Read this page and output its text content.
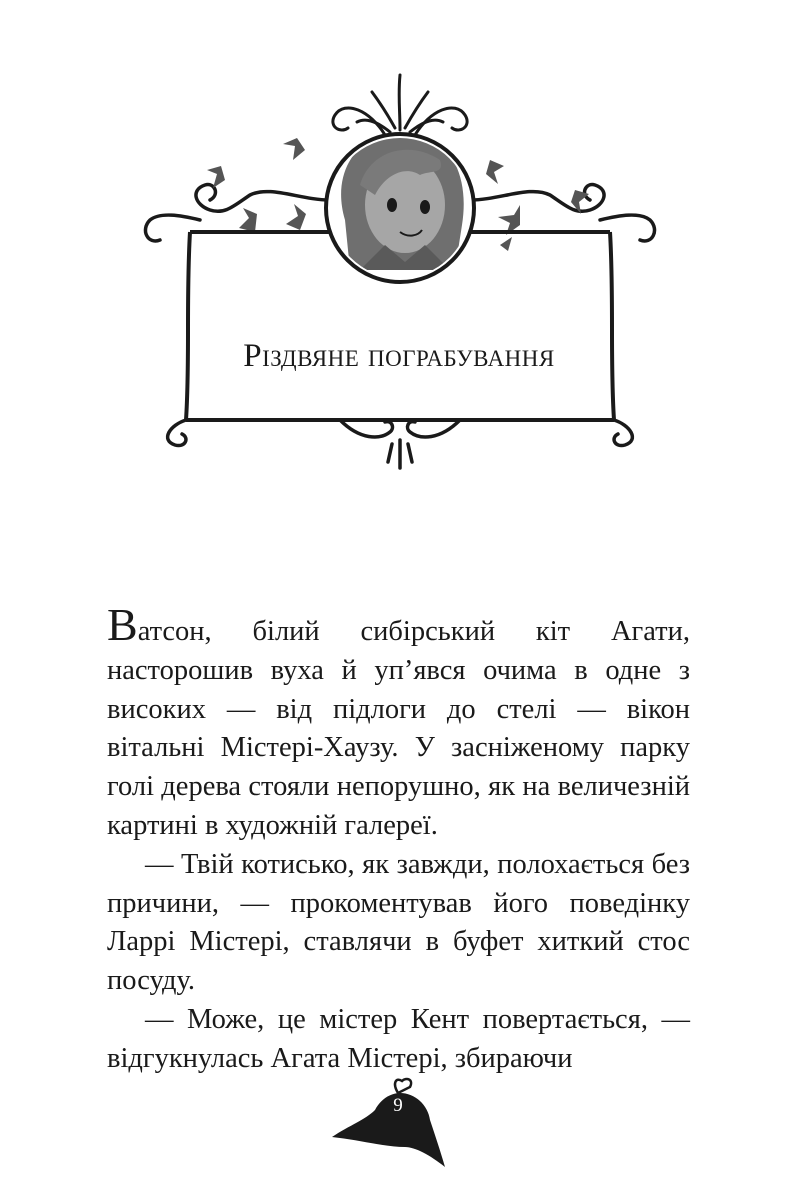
Різдвяне пограбування

Ватсон, білий сибірський кіт Агати, насторошив вуха й уп’явся очима в одне з високих — від підлоги до стелі — вікон вітальні Містері-Хаузу. У засніженому парку голі дерева стояли непорушно, як на величезній картині в художній галереї.

— Твій котисько, як завжди, полохається без причини, — прокоментував його поведінку Ларрі Містері, ставлячи в буфет хиткий стос посуду.

— Може, це містер Кент повертається, — відгукнулась Агата Містері, збираючи

9
